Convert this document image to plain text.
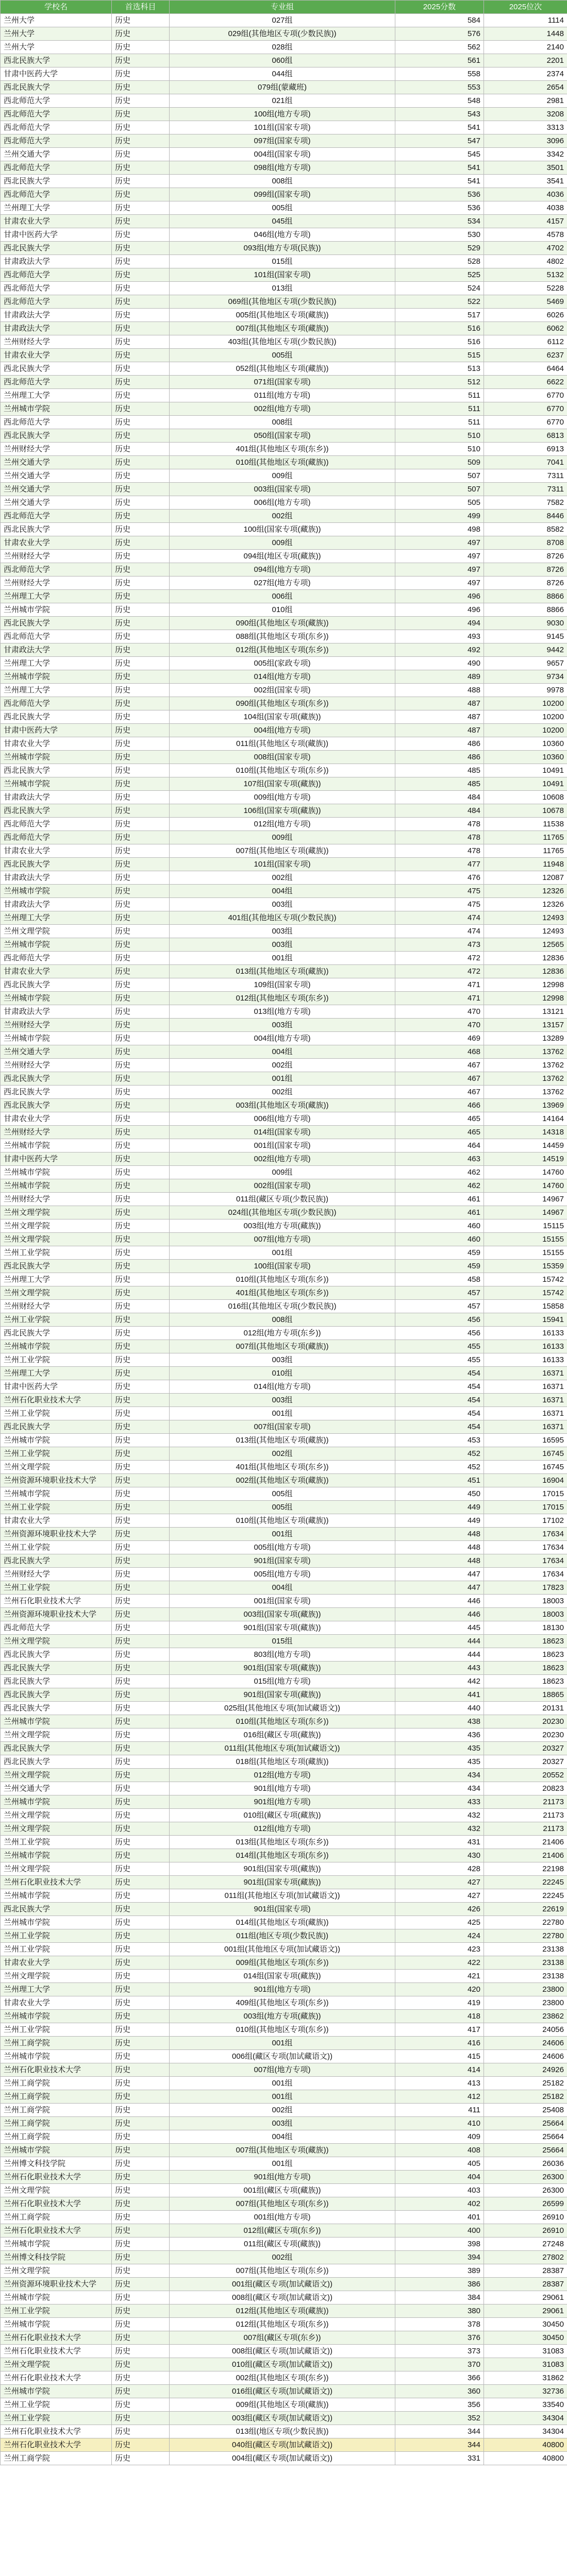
学校名	首选科目	专业组	2025分数	2025位次
兰州大学	历史	027组	584	1114
兰州大学	历史	029组(其他地区专项(少数民族))	576	1448
兰州大学	历史	028组	562	2140
西北民族大学	历史	060组	561	2201
甘肃中医药大学	历史	044组	558	2374
西北民族大学	历史	079组(蒙藏班)	553	2654
西北师范大学	历史	021组	548	2981
西北师范大学	历史	100组(地方专项)	543	3208
西北师范大学	历史	101组(国家专项)	541	3313
西北师范大学	历史	097组(国家专项)	547	3096
兰州交通大学	历史	004组(国家专项)	545	3342
西北师范大学	历史	098组(地方专项)	541	3501
西北民族大学	历史	008组	541	3541
西北师范大学	历史	099组(国家专项)	536	4036
兰州理工大学	历史	005组	536	4038
甘肃农业大学	历史	045组	534	4157
甘肃中医药大学	历史	046组(地方专项)	530	4578
西北民族大学	历史	093组(地方专项(民族))	529	4702
甘肃政法大学	历史	015组	528	4802
西北师范大学	历史	101组(国家专项)	525	5132
西北师范大学	历史	013组	524	5228
西北师范大学	历史	069组(其他地区专项(少数民族))	522	5469
甘肃政法大学	历史	005组(其他地区专项(藏族))	517	6026
甘肃政法大学	历史	007组(其他地区专项(藏族))	516	6062
兰州财经大学	历史	403组(其他地区专项(少数民族))	516	6112
甘肃农业大学	历史	005组	515	6237
西北民族大学	历史	052组(其他地区专项(藏族))	513	6464
西北师范大学	历史	071组(国家专项)	512	6622
兰州理工大学	历史	011组(地方专项)	511	6770
兰州城市学院	历史	002组(地方专项)	511	6770
西北师范大学	历史	008组	511	6770
西北民族大学	历史	050组(国家专项)	510	6813
兰州财经大学	历史	401组(其他地区专项(东乡))	510	6913
兰州交通大学	历史	010组(其他地区专项(藏族))	509	7041
兰州交通大学	历史	009组	507	7311
兰州交通大学	历史	003组(国家专项)	507	7311
兰州交通大学	历史	006组(地方专项)	505	7582
西北师范大学	历史	002组	499	8446
西北民族大学	历史	100组(国家专项(藏族))	498	8582
甘肃农业大学	历史	009组	497	8708
兰州财经大学	历史	094组(地区专项(藏族))	497	8726
西北师范大学	历史	094组(地方专项)	497	8726
兰州财经大学	历史	027组(地方专项)	497	8726
兰州理工大学	历史	006组	496	8866
兰州城市学院	历史	010组	496	8866
西北民族大学	历史	090组(其他地区专项(藏族))	494	9030
西北师范大学	历史	088组(其他地区专项(东乡))	493	9145
甘肃政法大学	历史	012组(其他地区专项(东乡))	492	9442
兰州理工大学	历史	005组(家政专项)	490	9657
兰州城市学院	历史	014组(地方专项)	489	9734
兰州理工大学	历史	002组(国家专项)	488	9978
西北师范大学	历史	090组(其他地区专项(东乡))	487	10200
西北民族大学	历史	104组(国家专项(藏族))	487	10200
甘肃中医药大学	历史	004组(地方专项)	487	10200
甘肃农业大学	历史	011组(其他地区专项(藏族))	486	10360
兰州城市学院	历史	008组(国家专项)	486	10360
西北民族大学	历史	010组(其他地区专项(东乡))	485	10491
兰州城市学院	历史	107组(国家专项(藏族))	485	10491
甘肃政法大学	历史	009组(地方专项)	484	10608
西北民族大学	历史	106组(国家专项(藏族))	484	10678
西北师范大学	历史	012组(地方专项)	478	11538
西北师范大学	历史	009组	478	11765
甘肃农业大学	历史	007组(其他地区专项(藏族))	478	11765
西北民族大学	历史	101组(国家专项)	477	11948
甘肃政法大学	历史	002组	476	12087
兰州城市学院	历史	004组	475	12326
甘肃政法大学	历史	003组	475	12326
兰州理工大学	历史	401组(其他地区专项(少数民族))	474	12493
兰州文理学院	历史	003组	474	12493
兰州城市学院	历史	003组	473	12565
西北师范大学	历史	001组	472	12836
甘肃农业大学	历史	013组(其他地区专项(藏族))	472	12836
西北民族大学	历史	109组(国家专项)	471	12998
兰州城市学院	历史	012组(其他地区专项(东乡))	471	12998
甘肃政法大学	历史	013组(地方专项)	470	13121
兰州财经大学	历史	003组	470	13157
兰州城市学院	历史	004组(地方专项)	469	13289
兰州交通大学	历史	004组	468	13762
兰州财经大学	历史	002组	467	13762
西北民族大学	历史	001组	467	13762
西北民族大学	历史	002组	467	13762
西北民族大学	历史	003组(其他地区专项(藏族))	466	13969
甘肃农业大学	历史	006组(地方专项)	465	14164
兰州财经大学	历史	014组(国家专项)	465	14318
兰州城市学院	历史	001组(国家专项)	464	14459
甘肃中医药大学	历史	002组(地方专项)	463	14519
兰州城市学院	历史	009组	462	14760
兰州城市学院	历史	002组(国家专项)	462	14760
兰州财经大学	历史	011组(藏区专项(少数民族))	461	14967
兰州文理学院	历史	024组(其他地区专项(少数民族))	461	14967
兰州文理学院	历史	003组(地方专项(藏族))	460	15115
兰州文理学院	历史	007组(地方专项)	460	15155
兰州工业学院	历史	001组	459	15155
西北民族大学	历史	100组(国家专项)	459	15359
兰州理工大学	历史	010组(其他地区专项(东乡))	458	15742
兰州文理学院	历史	401组(其他地区专项(东乡))	457	15742
兰州财经大学	历史	016组(其他地区专项(少数民族))	457	15858
兰州工业学院	历史	008组	456	15941
西北民族大学	历史	012组(地方专项(东乡))	456	16133
兰州城市学院	历史	007组(其他地区专项(藏族))	455	16133
兰州工业学院	历史	003组	455	16133
兰州理工大学	历史	010组	454	16371
甘肃中医药大学	历史	014组(地方专项)	454	16371
兰州石化职业技术大学	历史	003组	454	16371
兰州工业学院	历史	001组	454	16371
西北民族大学	历史	007组(国家专项)	454	16371
兰州城市学院	历史	013组(其他地区专项(藏族))	453	16595
兰州工业学院	历史	002组	452	16745
兰州文理学院	历史	401组(其他地区专项(东乡))	452	16745
兰州资源环境职业技术大学	历史	002组(其他地区专项(藏族))	451	16904
兰州城市学院	历史	005组	450	17015
兰州工业学院	历史	005组	449	17015
甘肃农业大学	历史	010组(其他地区专项(藏族))	449	17102
兰州资源环境职业技术大学	历史	001组	448	17634
兰州工业学院	历史	005组(地方专项)	448	17634
西北民族大学	历史	901组(国家专项)	448	17634
兰州财经大学	历史	005组(地方专项)	447	17634
兰州工业学院	历史	004组	447	17823
兰州石化职业技术大学	历史	001组(国家专项)	446	18003
兰州资源环境职业技术大学	历史	003组(国家专项(藏族))	446	18003
西北师范大学	历史	901组(国家专项(藏族))	445	18130
兰州文理学院	历史	015组	444	18623
西北民族大学	历史	803组(地方专项)	444	18623
西北民族大学	历史	901组(国家专项(藏族))	443	18623
西北民族大学	历史	015组(地方专项)	442	18623
西北民族大学	历史	901组(国家专项(藏族))	441	18865
西北民族大学	历史	025组(其他地区专项(加试藏语文))	440	20131
兰州城市学院	历史	010组(其他地区专项(东乡))	438	20230
兰州文理学院	历史	016组(藏区专项(藏族))	436	20230
西北民族大学	历史	011组(其他地区专项(加试藏语文))	435	20327
西北民族大学	历史	018组(其他地区专项(藏族))	435	20327
兰州文理学院	历史	012组(地方专项)	434	20552
兰州交通大学	历史	901组(地方专项)	434	20823
兰州城市学院	历史	901组(地方专项)	433	21173
兰州文理学院	历史	010组(藏区专项(藏族))	432	21173
兰州文理学院	历史	012组(地方专项)	432	21173
兰州工业学院	历史	013组(其他地区专项(东乡))	431	21406
兰州城市学院	历史	014组(其他地区专项(东乡))	430	21406
兰州文理学院	历史	901组(国家专项(藏族))	428	22198
兰州石化职业技术大学	历史	901组(国家专项(藏族))	427	22245
兰州城市学院	历史	011组(其他地区专项(加试藏语文))	427	22245
西北民族大学	历史	901组(国家专项)	426	22619
兰州城市学院	历史	014组(其他地区专项(藏族))	425	22780
兰州工业学院	历史	011组(地区专项(少数民族))	424	22780
兰州工业学院	历史	001组(其他地区专项(加试藏语文))	423	23138
甘肃农业大学	历史	009组(其他地区专项(东乡))	422	23138
兰州文理学院	历史	014组(国家专项(藏族))	421	23138
兰州理工大学	历史	901组(地方专项)	420	23800
甘肃农业大学	历史	409组(其他地区专项(东乡))	419	23800
兰州城市学院	历史	003组(地方专项(藏族))	418	23862
兰州工业学院	历史	010组(其他地区专项(东乡))	417	24056
兰州工商学院	历史	001组	416	24606
兰州城市学院	历史	006组(藏区专项(加试藏语文))	415	24606
兰州石化职业技术大学	历史	007组(地方专项)	414	24926
兰州工商学院	历史	001组	413	25182
兰州工商学院	历史	001组	412	25182
兰州工商学院	历史	002组	411	25408
兰州工商学院	历史	003组	410	25664
兰州工商学院	历史	004组	409	25664
兰州城市学院	历史	007组(其他地区专项(藏族))	408	25664
兰州博文科技学院	历史	001组	405	26036
兰州石化职业技术大学	历史	901组(地方专项)	404	26300
兰州文理学院	历史	001组(藏区专项(藏族))	403	26300
兰州石化职业技术大学	历史	007组(其他地区专项(东乡))	402	26599
兰州工商学院	历史	001组(地方专项)	401	26910
兰州石化职业技术大学	历史	012组(藏区专项(东乡))	400	26910
兰州城市学院	历史	011组(藏区专项(藏族))	398	27248
兰州博文科技学院	历史	002组	394	27802
兰州文理学院	历史	007组(其他地区专项(东乡))	389	28387
兰州资源环境职业技术大学	历史	001组(藏区专项(加试藏语文))	386	28387
兰州城市学院	历史	008组(藏区专项(加试藏语文))	384	29061
兰州工业学院	历史	012组(其他地区专项(藏族))	380	29061
兰州城市学院	历史	012组(其他地区专项(东乡))	378	30450
兰州石化职业技术大学	历史	007组(藏区专项(东乡))	376	30450
兰州石化职业技术大学	历史	008组(藏区专项(加试藏语文))	373	31083
兰州文理学院	历史	010组(藏区专项(加试藏语文))	370	31083
兰州石化职业技术大学	历史	002组(其他地区专项(东乡))	366	31862
兰州城市学院	历史	016组(藏区专项(加试藏语文))	360	32736
兰州工业学院	历史	009组(其他地区专项(藏族))	356	33540
兰州工业学院	历史	003组(藏区专项(加试藏语文))	352	34304
兰州石化职业技术大学	历史	013组(地区专项(少数民族))	344	34304
兰州石化职业技术大学	历史	040组(藏区专项(加试藏语文))	344	40800
兰州工商学院	历史	004组(藏区专项(加试藏语文))	331	40800
